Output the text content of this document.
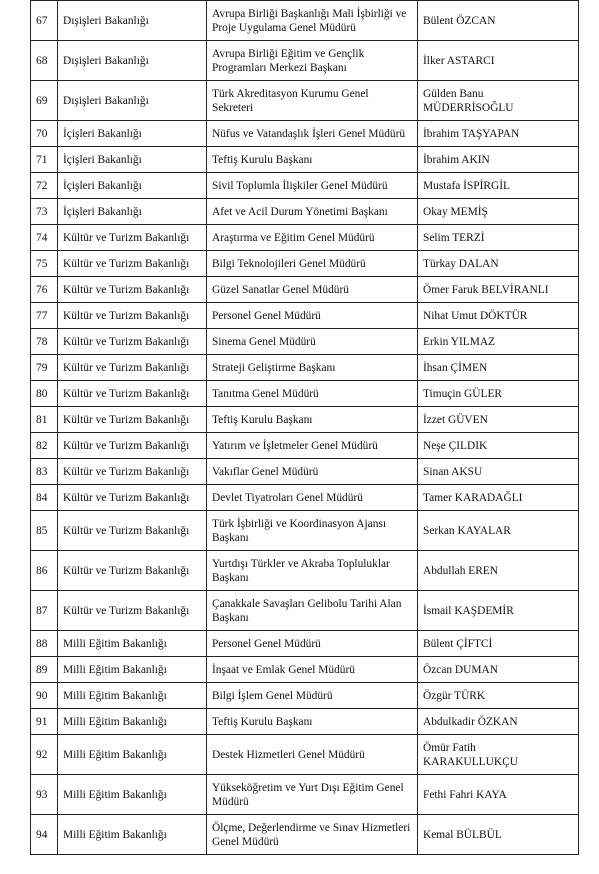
67	Dışişleri Bakanlığı	Avrupa Birliği Başkanlığı Mali İşbirliği ve Proje Uygulama Genel Müdürü	Bülent ÖZCAN
68	Dışişleri Bakanlığı	Avrupa Birliği Eğitim ve Gençlik Programları Merkezi Başkanı	İlker ASTARCI
69	Dışişleri Bakanlığı	Türk Akreditasyon Kurumu Genel Sekreteri	Gülden Banu MÜDERRİSOĞLU
70	İçişleri Bakanlığı	Nüfus ve Vatandaşlık İşleri Genel Müdürü	İbrahim TAŞYAPAN
71	İçişleri Bakanlığı	Teftiş Kurulu Başkanı	İbrahim AKIN
72	İçişleri Bakanlığı	Sivil Toplumla İlişkiler Genel Müdürü	Mustafa İSPİRGİL
73	İçişleri Bakanlığı	Afet ve Acil Durum Yönetimi Başkanı	Okay MEMİŞ
74	Kültür ve Turizm Bakanlığı	Araştırma ve Eğitim Genel Müdürü	Selim TERZİ
75	Kültür ve Turizm Bakanlığı	Bilgi Teknolojileri Genel Müdürü	Türkay DALAN
76	Kültür ve Turizm Bakanlığı	Güzel Sanatlar Genel Müdürü	Ömer Faruk BELVİRANLI
77	Kültür ve Turizm Bakanlığı	Personel Genel Müdürü	Nihat Umut DÖKTÜR
78	Kültür ve Turizm Bakanlığı	Sinema Genel Müdürü	Erkin YILMAZ
79	Kültür ve Turizm Bakanlığı	Strateji Geliştirme Başkanı	İhsan ÇİMEN
80	Kültür ve Turizm Bakanlığı	Tanıtma Genel Müdürü	Timuçin GÜLER
81	Kültür ve Turizm Bakanlığı	Teftiş Kurulu Başkanı	İzzet GÜVEN
82	Kültür ve Turizm Bakanlığı	Yatırım ve İşletmeler Genel Müdürü	Neşe ÇILDIK
83	Kültür ve Turizm Bakanlığı	Vakıflar Genel Müdürü	Sinan AKSU
84	Kültür ve Turizm Bakanlığı	Devlet Tiyatroları Genel Müdürü	Tamer KARADAĞLI
85	Kültür ve Turizm Bakanlığı	Türk İşbirliği ve Koordinasyon Ajansı Başkanı	Serkan KAYALAR
86	Kültür ve Turizm Bakanlığı	Yurtdışı Türkler ve Akraba Topluluklar Başkanı	Abdullah EREN
87	Kültür ve Turizm Bakanlığı	Çanakkale Savaşları Gelibolu Tarihi Alan Başkanı	İsmail KAŞDEMİR
88	Milli Eğitim Bakanlığı	Personel Genel Müdürü	Bülent ÇİFTCİ
89	Milli Eğitim Bakanlığı	İnşaat ve Emlak Genel Müdürü	Özcan DUMAN
90	Milli Eğitim Bakanlığı	Bilgi İşlem Genel Müdürü	Özgür TÜRK
91	Milli Eğitim Bakanlığı	Teftiş Kurulu Başkanı	Abdulkadir ÖZKAN
92	Milli Eğitim Bakanlığı	Destek Hizmetleri Genel Müdürü	Ömür Fatih KARAKULLUKÇU
93	Milli Eğitim Bakanlığı	Yükseköğretim ve Yurt Dışı Eğitim Genel Müdürü	Fethi Fahri KAYA
94	Milli Eğitim Bakanlığı	Ölçme, Değerlendirme ve Sınav Hizmetleri Genel Müdürü	Kemal BÜLBÜL
